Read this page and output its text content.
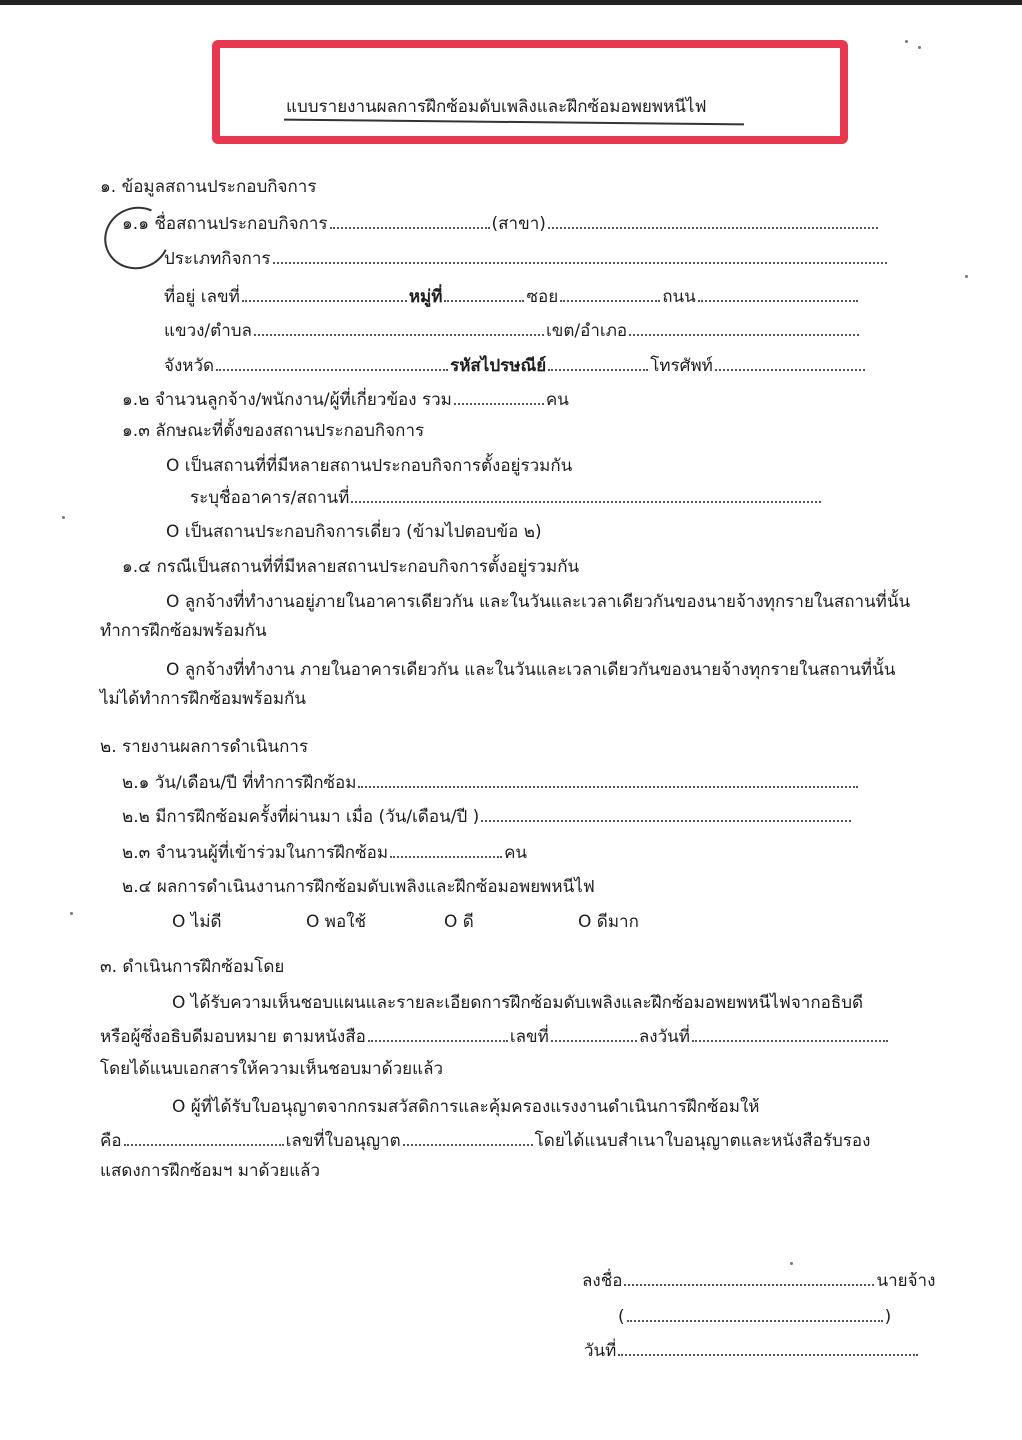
แบบรายงานผลการฝึกซ้อมดับเพลิงและฝึกซ้อมอพยพหนีไฟ
๑. ข้อมูลสถานประกอบกิจการ
๑.๑ ชื่อสถานประกอบกิจการ	(สาขา)
ประเภทกิจการ
ที่อยู่ เลขที่	หมู่ที่	ซอย	ถนน
แขวง/ตำบล	เขต/อำเภอ
จังหวัด	รหัสไปรษณีย์	โทรศัพท์
๑.๒ จำนวนลูกจ้าง/พนักงาน/ผู้ที่เกี่ยวข้อง รวม	คน
๑.๓ ลักษณะที่ตั้งของสถานประกอบกิจการ
O เป็นสถานที่ที่มีหลายสถานประกอบกิจการตั้งอยู่รวมกัน
ระบุชื่ออาคาร/สถานที่
O เป็นสถานประกอบกิจการเดี่ยว (ข้ามไปตอบข้อ ๒)
๑.๔ กรณีเป็นสถานที่ที่มีหลายสถานประกอบกิจการตั้งอยู่รวมกัน
O ลูกจ้างที่ทำงานอยู่ภายในอาคารเดียวกัน และในวันและเวลาเดียวกันของนายจ้างทุกรายในสถานที่นั้น
ทำการฝึกซ้อมพร้อมกัน
O ลูกจ้างที่ทำงาน ภายในอาคารเดียวกัน และในวันและเวลาเดียวกันของนายจ้างทุกรายในสถานที่นั้น
ไม่ได้ทำการฝึกซ้อมพร้อมกัน
๒. รายงานผลการดำเนินการ
๒.๑ วัน/เดือน/ปี ที่ทำการฝึกซ้อม
๒.๒ มีการฝึกซ้อมครั้งที่ผ่านมา เมื่อ (วัน/เดือน/ปี )
๒.๓ จำนวนผู้ที่เข้าร่วมในการฝึกซ้อม	คน
๒.๔ ผลการดำเนินงานการฝึกซ้อมดับเพลิงและฝึกซ้อมอพยพหนีไฟ
O ไม่ดี	O พอใช้	O ดี	O ดีมาก
๓. ดำเนินการฝึกซ้อมโดย
O ได้รับความเห็นชอบแผนและรายละเอียดการฝึกซ้อมดับเพลิงและฝึกซ้อมอพยพหนีไฟจากอธิบดี
หรือผู้ซึ่งอธิบดีมอบหมาย ตามหนังสือ	เลขที่	ลงวันที่
โดยได้แนบเอกสารให้ความเห็นชอบมาด้วยแล้ว
O ผู้ที่ได้รับใบอนุญาตจากกรมสวัสดิการและคุ้มครองแรงงานดำเนินการฝึกซ้อมให้
คือ	เลขที่ใบอนุญาต	โดยได้แนบสำเนาใบอนุญาตและหนังสือรับรอง
แสดงการฝึกซ้อมฯ มาด้วยแล้ว
ลงชื่อ	นายจ้าง
(	)
วันที่
